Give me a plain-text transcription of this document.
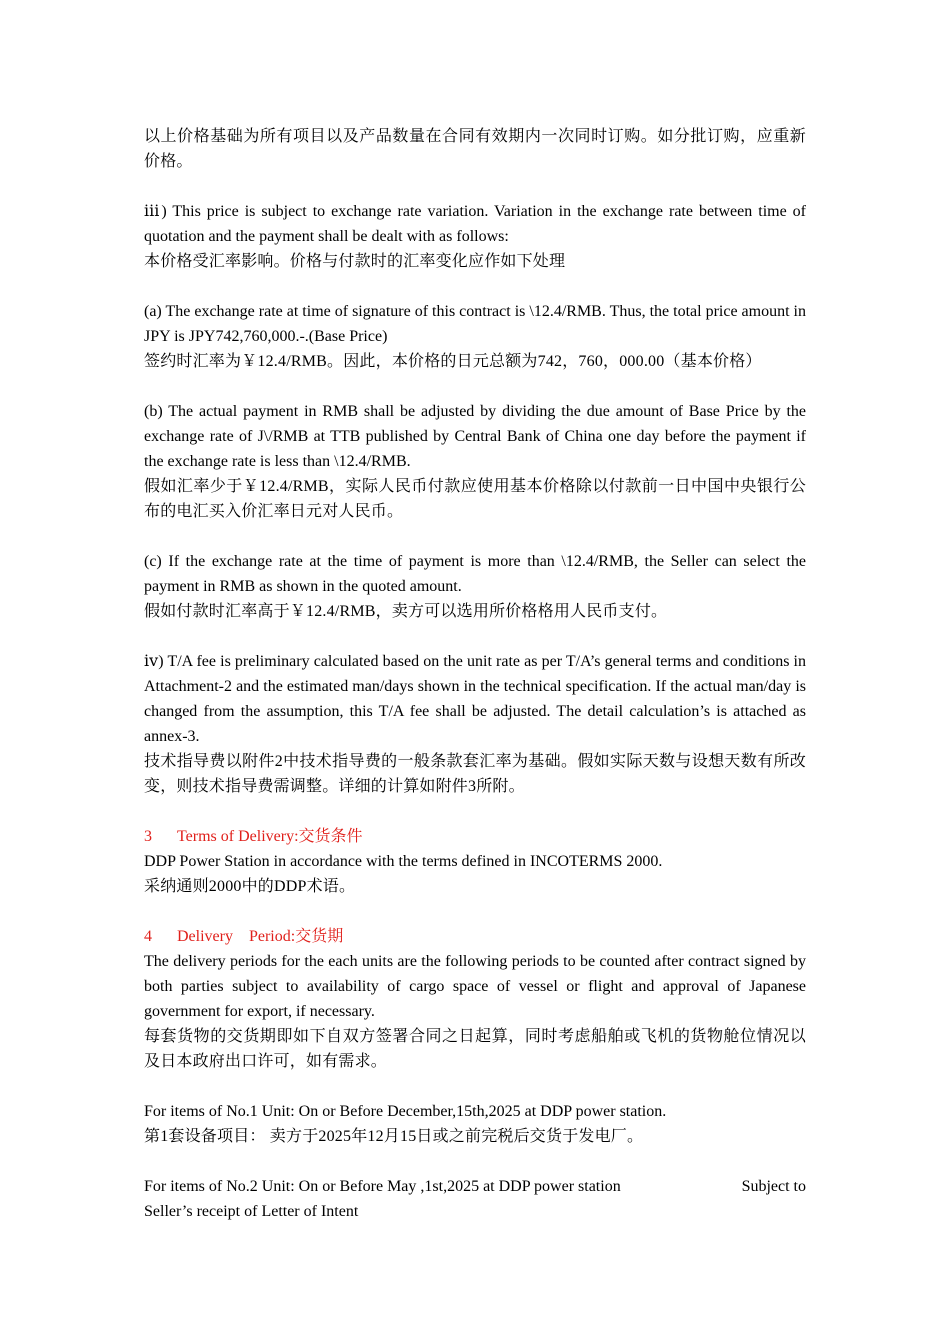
以上价格基础为所有项目以及产品数量在合同有效期内一次同时订购。如分批订购，应重新价格。

ⅲ) This price is subject to exchange rate variation. Variation in the exchange rate between time of quotation and the payment shall be dealt with as follows:

本价格受汇率影响。价格与付款时的汇率变化应作如下处理

(a) The exchange rate at time of signature of this contract is \12.4/RMB. Thus, the total price amount in JPY is JPY742,760,000.-.(Base Price)

签约时汇率为￥12.4/RMB。因此，本价格的日元总额为742，760，000.00（基本价格）

(b) The actual payment in RMB shall be adjusted by dividing the due amount of Base Price by the exchange rate of J\/RMB at TTB published by Central Bank of China one day before the payment if the exchange rate is less than \12.4/RMB.

假如汇率少于￥12.4/RMB，实际人民币付款应使用基本价格除以付款前一日中国中央银行公布的电汇买入价汇率日元对人民币。

(c) If the exchange rate at the time of payment is more than \12.4/RMB, the Seller can select the payment in RMB as shown in the quoted amount.

假如付款时汇率高于￥12.4/RMB，卖方可以选用所价格格用人民币支付。

ⅳ) T/A fee is preliminary calculated based on the unit rate as per T/A’s general terms and conditions in Attachment-2 and the estimated man/days shown in the technical specification. If the actual man/day is changed from the assumption, this T/A fee shall be adjusted. The detail calculation’s is attached as annex-3.

技术指导费以附件2中技术指导费的一般条款套汇率为基础。假如实际天数与设想天数有所改变，则技术指导费需调整。详细的计算如附件3所附。

3 Terms of Delivery:交货条件

DDP Power Station in accordance with the terms defined in INCOTERMS 2000.

采纳通则2000中的DDP术语。

4 Delivery    Period:交货期

The delivery periods for the each units are the following periods to be counted after contract signed by both parties subject to availability of cargo space of vessel or flight and approval of Japanese government for export, if necessary.

每套货物的交货期即如下自双方签署合同之日起算，同时考虑船舶或飞机的货物舱位情况以及日本政府出口许可，如有需求。

For items of No.1 Unit: On or Before December,15th,2025 at DDP power station.

第1套设备项目： 卖方于2025年12月15日或之前完税后交货于发电厂。

For items of No.2 Unit: On or Before May ,1st,2025 at DDP power station	Subject to

Seller’s receipt of Letter of Intent
